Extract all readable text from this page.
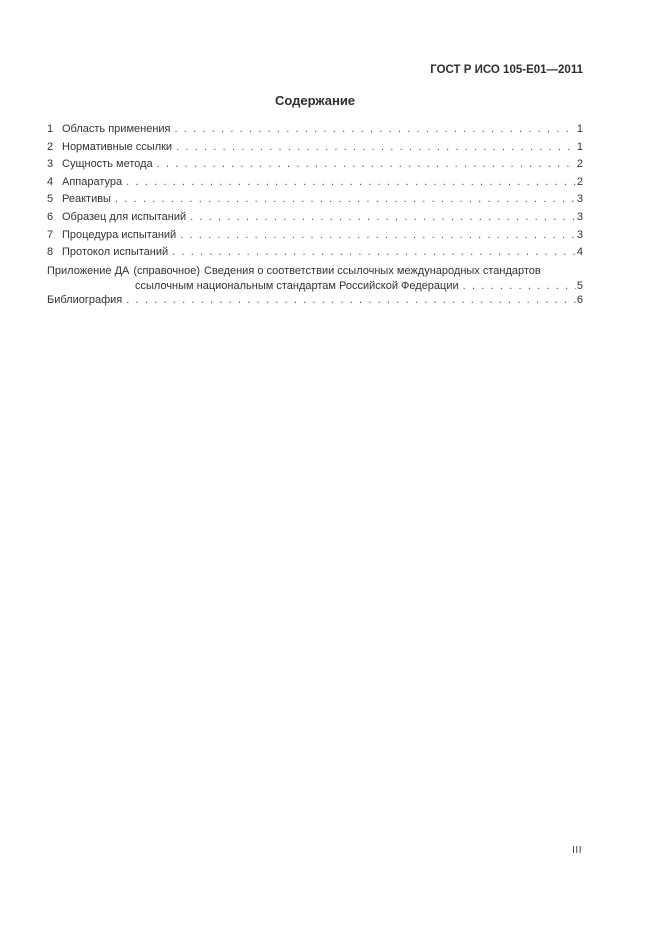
ГОСТ Р ИСО 105-Е01—2011
Содержание
1 Область применения . . .	1
2 Нормативные ссылки . . .	1
3 Сущность метода . . .	2
4 Аппаратура . . .	2
5 Реактивы . . .	3
6 Образец для испытаний . . .	3
7 Процедура испытаний . . .	3
8 Протокол испытаний . . .	4
Приложение ДА (справочное) Сведения о соответствии ссылочных международных стандартов
ссылочным национальным стандартам Российской Федерации . . .	5
Библиография . . .	6
III
